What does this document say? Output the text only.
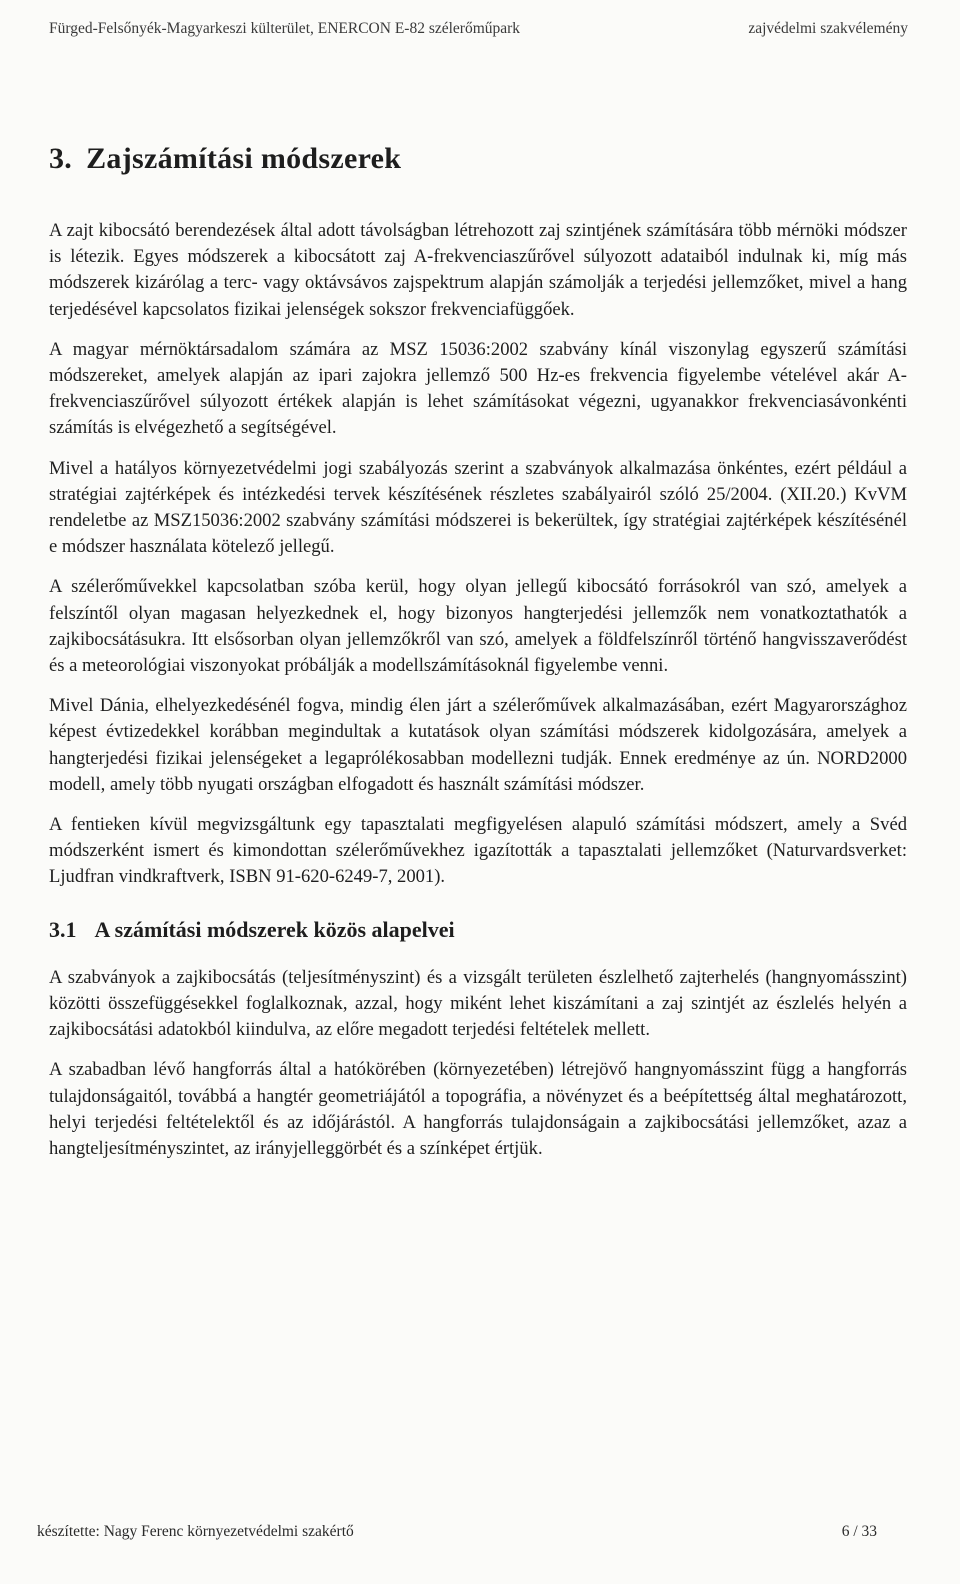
Fürged-Felsőnyék-Magyarkeszi külterület, ENERCON E-82 szélerőműpark	zajvédelmi szakvélemény
3. Zajszámítási módszerek

A zajt kibocsátó berendezések által adott távolságban létrehozott zaj szintjének számítására több mérnöki módszer is létezik. Egyes módszerek a kibocsátott zaj A-frekvenciaszűrővel súlyozott adataiból indulnak ki, míg más módszerek kizárólag a terc- vagy oktávsávos zajspektrum alapján számolják a terjedési jellemzőket, mivel a hang terjedésével kapcsolatos fizikai jelenségek sokszor frekvenciafüggőek.

A magyar mérnöktársadalom számára az MSZ 15036:2002 szabvány kínál viszonylag egyszerű számítási módszereket, amelyek alapján az ipari zajokra jellemző 500 Hz-es frekvencia figyelembe vételével akár A-frekvenciaszűrővel súlyozott értékek alapján is lehet számításokat végezni, ugyanakkor frekvenciasávonkénti számítás is elvégezhető a segítségével.

Mivel a hatályos környezetvédelmi jogi szabályozás szerint a szabványok alkalmazása önkéntes, ezért például a stratégiai zajtérképek és intézkedési tervek készítésének részletes szabályairól szóló 25/2004. (XII.20.) KvVM rendeletbe az MSZ15036:2002 szabvány számítási módszerei is bekerültek, így stratégiai zajtérképek készítésénél e módszer használata kötelező jellegű.

A szélerőművekkel kapcsolatban szóba kerül, hogy olyan jellegű kibocsátó forrásokról van szó, amelyek a felszíntől olyan magasan helyezkednek el, hogy bizonyos hangterjedési jellemzők nem vonatkoztathatók a zajkibocsátásukra. Itt elsősorban olyan jellemzőkről van szó, amelyek a földfelszínről történő hangvisszaverődést és a meteorológiai viszonyokat próbálják a modellszámításoknál figyelembe venni.

Mivel Dánia, elhelyezkedésénél fogva, mindig élen járt a szélerőművek alkalmazásában, ezért Magyarországhoz képest évtizedekkel korábban megindultak a kutatások olyan számítási módszerek kidolgozására, amelyek a hangterjedési fizikai jelenségeket a legaprólékosabban modellezni tudják. Ennek eredménye az ún. NORD2000 modell, amely több nyugati országban elfogadott és használt számítási módszer.

A fentieken kívül megvizsgáltunk egy tapasztalati megfigyelésen alapuló számítási módszert, amely a Svéd módszerként ismert és kimondottan szélerőművekhez igazították a tapasztalati jellemzőket (Naturvardsverket: Ljudfran vindkraftverk, ISBN 91-620-6249-7, 2001).

3.1 A számítási módszerek közös alapelvei

A szabványok a zajkibocsátás (teljesítményszint) és a vizsgált területen észlelhető zajterhelés (hangnyomásszint) közötti összefüggésekkel foglalkoznak, azzal, hogy miként lehet kiszámítani a zaj szintjét az észlelés helyén a zajkibocsátási adatokból kiindulva, az előre megadott terjedési feltételek mellett.

A szabadban lévő hangforrás által a hatókörében (környezetében) létrejövő hangnyomásszint függ a hangforrás tulajdonságaitól, továbbá a hangtér geometriájától a topográfia, a növényzet és a beépítettség által meghatározott, helyi terjedési feltételektől és az időjárástól. A hangforrás tulajdonságain a zajkibocsátási jellemzőket, azaz a hangteljesítményszintet, az irányjelleggörbét és a színképet értjük.

készítette: Nagy Ferenc környezetvédelmi szakértő	6 / 33
